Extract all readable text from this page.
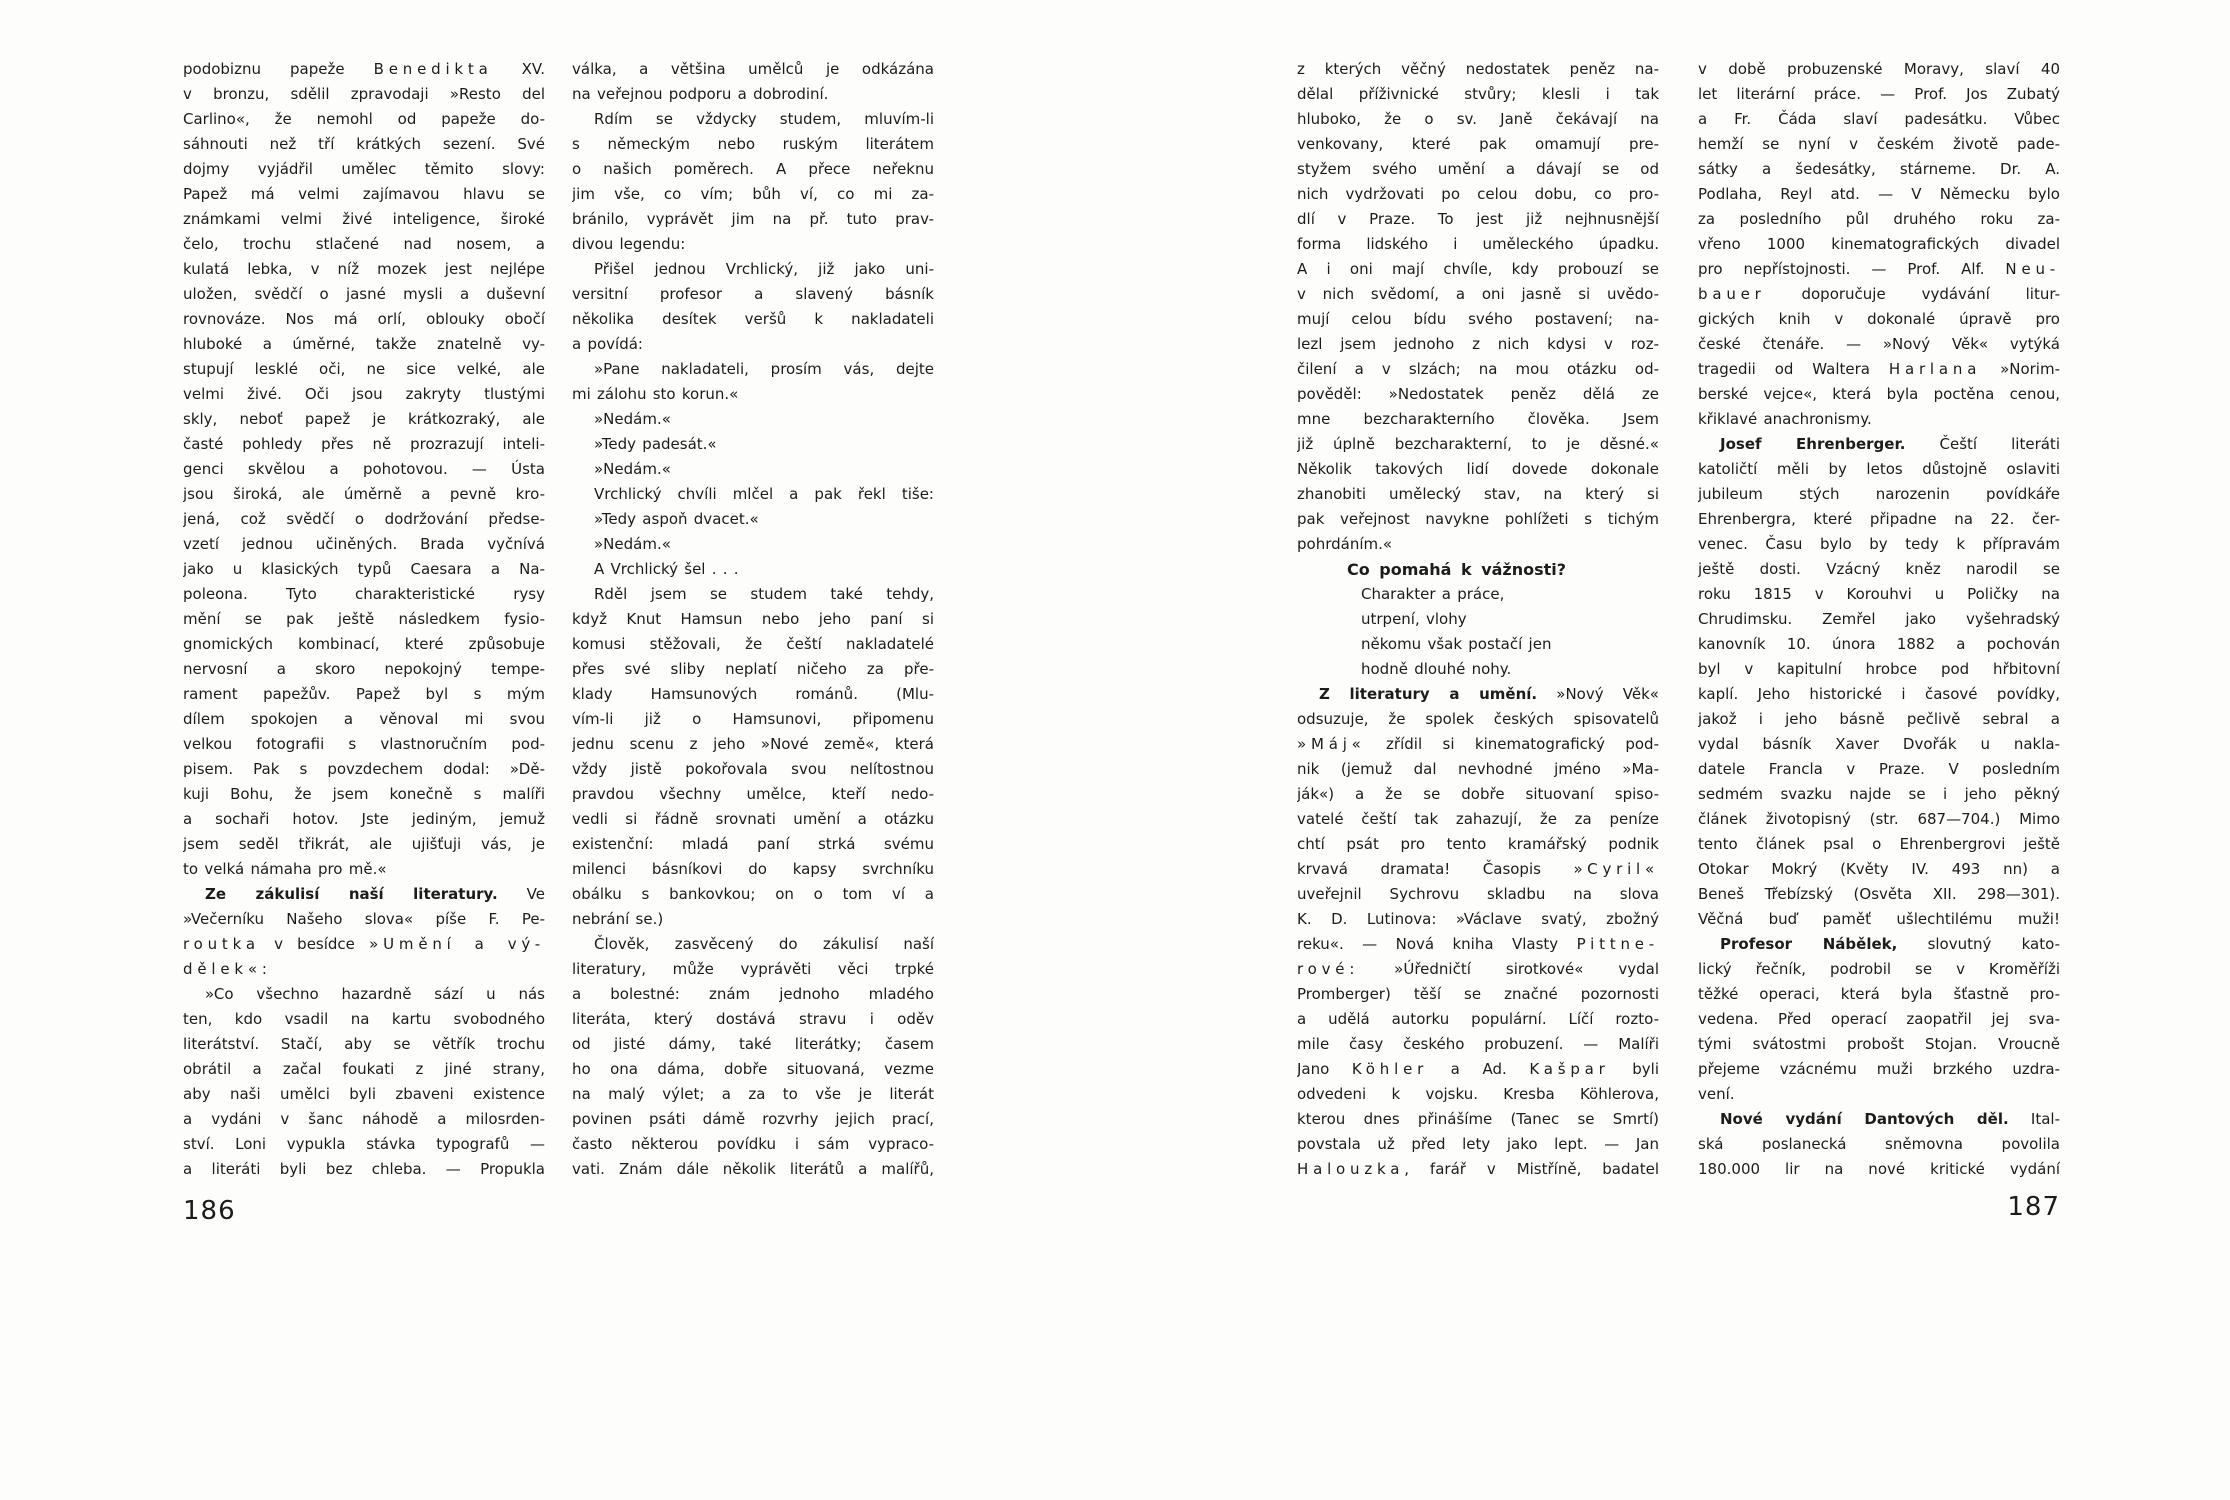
podobiznu papeže Benedikta XV.
v bronzu, sdělil zpravodaji »Resto del
Carlino«, že nemohl od papeže do-
sáhnouti než tří krátkých sezení. Své
dojmy vyjádřil umělec těmito slovy:
Papež má velmi zajímavou hlavu se
známkami velmi živé inteligence, široké
čelo, trochu stlačené nad nosem, a
kulatá lebka, v níž mozek jest nejlépe
uložen, svědčí o jasné mysli a duševní
rovnováze. Nos má orlí, oblouky obočí
hluboké a úměrné, takže znatelně vy-
stupují lesklé oči, ne sice velké, ale
velmi živé. Oči jsou zakryty tlustými
skly, neboť papež je krátkozraký, ale
časté pohledy přes ně prozrazují inteli-
genci skvělou a pohotovou. — Ústa
jsou široká, ale úměrně a pevně kro-
jená, což svědčí o dodržování předse-
vzetí jednou učiněných. Brada vyčnívá
jako u klasických typů Caesara a Na-
poleona. Tyto charakteristické rysy
mění se pak ještě následkem fysio-
gnomických kombinací, které způsobuje
nervosní a skoro nepokojný tempe-
rament papežův. Papež byl s mým
dílem spokojen a věnoval mi svou
velkou fotografii s vlastnoručním pod-
pisem. Pak s povzdechem dodal: »Dě-
kuji Bohu, že jsem konečně s malíři
a sochaři hotov. Jste jediným, jemuž
jsem seděl třikrát, ale ujišťuji vás, je
to velká námaha pro mě.«
Ze zákulisí naší literatury. Ve
»Večerníku Našeho slova« píše F. Pe-
routka v besídce »Umění a vý-
dělek«:
»Co všechno hazardně sází u nás
ten, kdo vsadil na kartu svobodného
literátství. Stačí, aby se větřík trochu
obrátil a začal foukati z jiné strany,
aby naši umělci byli zbaveni existence
a vydáni v šanc náhodě a milosrden-
ství. Loni vypukla stávka typografů —
a literáti byli bez chleba. — Propukla
válka, a většina umělců je odkázána
na veřejnou podporu a dobrodiní.
Rdím se vždycky studem, mluvím-li
s německým nebo ruským literátem
o našich poměrech. A přece neřeknu
jim vše, co vím; bůh ví, co mi za-
bránilo, vyprávět jim na př. tuto prav-
divou legendu:
Přišel jednou Vrchlický, již jako uni-
versitní profesor a slavený básník
několika desítek veršů k nakladateli
a povídá:
»Pane nakladateli, prosím vás, dejte
mi zálohu sto korun.«
»Nedám.«
»Tedy padesát.«
»Nedám.«
Vrchlický chvíli mlčel a pak řekl tiše:
»Tedy aspoň dvacet.«
»Nedám.«
A Vrchlický šel . . .
Rděl jsem se studem také tehdy,
když Knut Hamsun nebo jeho paní si
komusi stěžovali, že čeští nakladatelé
přes své sliby neplatí ničeho za pře-
klady Hamsunových románů. (Mlu-
vím-li již o Hamsunovi, připomenu
jednu scenu z jeho »Nové země«, která
vždy jistě pokořovala svou nelítostnou
pravdou všechny umělce, kteří nedo-
vedli si řádně srovnati umění a otázku
existenční: mladá paní strká svému
milenci básníkovi do kapsy svrchníku
obálku s bankovkou; on o tom ví a
nebrání se.)
Člověk, zasvěcený do zákulisí naší
literatury, může vyprávěti věci trpké
a bolestné: znám jednoho mladého
literáta, který dostává stravu i oděv
od jisté dámy, také literátky; časem
ho ona dáma, dobře situovaná, vezme
na malý výlet; a za to vše je literát
povinen psáti dámě rozvrhy jejich prací,
často některou povídku i sám vypraco-
vati. Znám dále několik literátů a malířů,
186
z kterých věčný nedostatek peněz na-
dělal příživnické stvůry; klesli i tak
hluboko, že o sv. Janě čekávají na
venkovany, které pak omamují pre-
styžem svého umění a dávají se od
nich vydržovati po celou dobu, co pro-
dlí v Praze. To jest již nejhnusnější
forma lidského i uměleckého úpadku.
A i oni mají chvíle, kdy probouzí se
v nich svědomí, a oni jasně si uvědo-
mují celou bídu svého postavení; na-
lezl jsem jednoho z nich kdysi v roz-
čilení a v slzách; na mou otázku od-
pověděl: »Nedostatek peněz dělá ze
mne bezcharakterního člověka. Jsem
již úplně bezcharakterní, to je děsné.«
Několik takových lidí dovede dokonale
zhanobiti umělecký stav, na který si
pak veřejnost navykne pohlížeti s tichým
pohrdáním.«
Co pomahá k vážnosti?
Charakter a práce,
utrpení, vlohy
někomu však postačí jen
hodně dlouhé nohy.
Z literatury a umění. »Nový Věk«
odsuzuje, že spolek českých spisovatelů
»Máj« zřídil si kinematografický pod-
nik (jemuž dal nevhodné jméno »Ma-
ják«) a že se dobře situovaní spiso-
vatelé čeští tak zahazují, že za peníze
chtí psát pro tento kramářský podnik
krvavá dramata! Časopis »Cyril«
uveřejnil Sychrovu skladbu na slova
K. D. Lutinova: »Václave svatý, zbožný
reku«. — Nová kniha Vlasty Pittne-
rové: »Úředničtí sirotkové« vydal
Promberger) těší se značné pozornosti
a udělá autorku populární. Líčí rozto-
mile časy českého probuzení. — Malíři
Jano Köhler a Ad. Kašpar byli
odvedeni k vojsku. Kresba Köhlerova,
kterou dnes přinášíme (Tanec se Smrtí)
povstala už před lety jako lept. — Jan
Halouzka, farář v Mistříně, badatel
v době probuzenské Moravy, slaví 40
let literární práce. — Prof. Jos Zubatý
a Fr. Čáda slaví padesátku. Vůbec
hemží se nyní v českém životě pade-
sátky a šedesátky, stárneme. Dr. A.
Podlaha, Reyl atd. — V Německu bylo
za posledního půl druhého roku za-
vřeno 1000 kinematografických divadel
pro nepřístojnosti. — Prof. Alf. Neu-
bauer doporučuje vydávání litur-
gických knih v dokonalé úpravě pro
české čtenáře. — »Nový Věk« vytýká
tragedii od Waltera Harlana »Norim-
berské vejce«, která byla poctěna cenou,
křiklavé anachronismy.
Josef Ehrenberger. Čeští literáti
katoličtí měli by letos důstojně oslaviti
jubileum stých narozenin povídkáře
Ehrenbergra, které připadne na 22. čer-
venec. Času bylo by tedy k přípravám
ještě dosti. Vzácný kněz narodil se
roku 1815 v Korouhvi u Poličky na
Chrudimsku. Zemřel jako vyšehradský
kanovník 10. února 1882 a pochován
byl v kapitulní hrobce pod hřbitovní
kaplí. Jeho historické i časové povídky,
jakož i jeho básně pečlivě sebral a
vydal básník Xaver Dvořák u nakla-
datele Francla v Praze. V posledním
sedmém svazku najde se i jeho pěkný
článek životopisný (str. 687—704.) Mimo
tento článek psal o Ehrenbergrovi ještě
Otokar Mokrý (Květy IV. 493 nn) a
Beneš Třebízský (Osvěta XII. 298—301).
Věčná buď paměť ušlechtilému muži!
Profesor Nábělek, slovutný kato-
lický řečník, podrobil se v Kroměříži
těžké operaci, která byla šťastně pro-
vedena. Před operací zaopatřil jej sva-
tými svátostmi probošt Stojan. Vroucně
přejeme vzácnému muži brzkého uzdra-
vení.
Nové vydání Dantových děl. Ital-
ská poslanecká sněmovna povolila
180.000 lir na nové kritické vydání
187
